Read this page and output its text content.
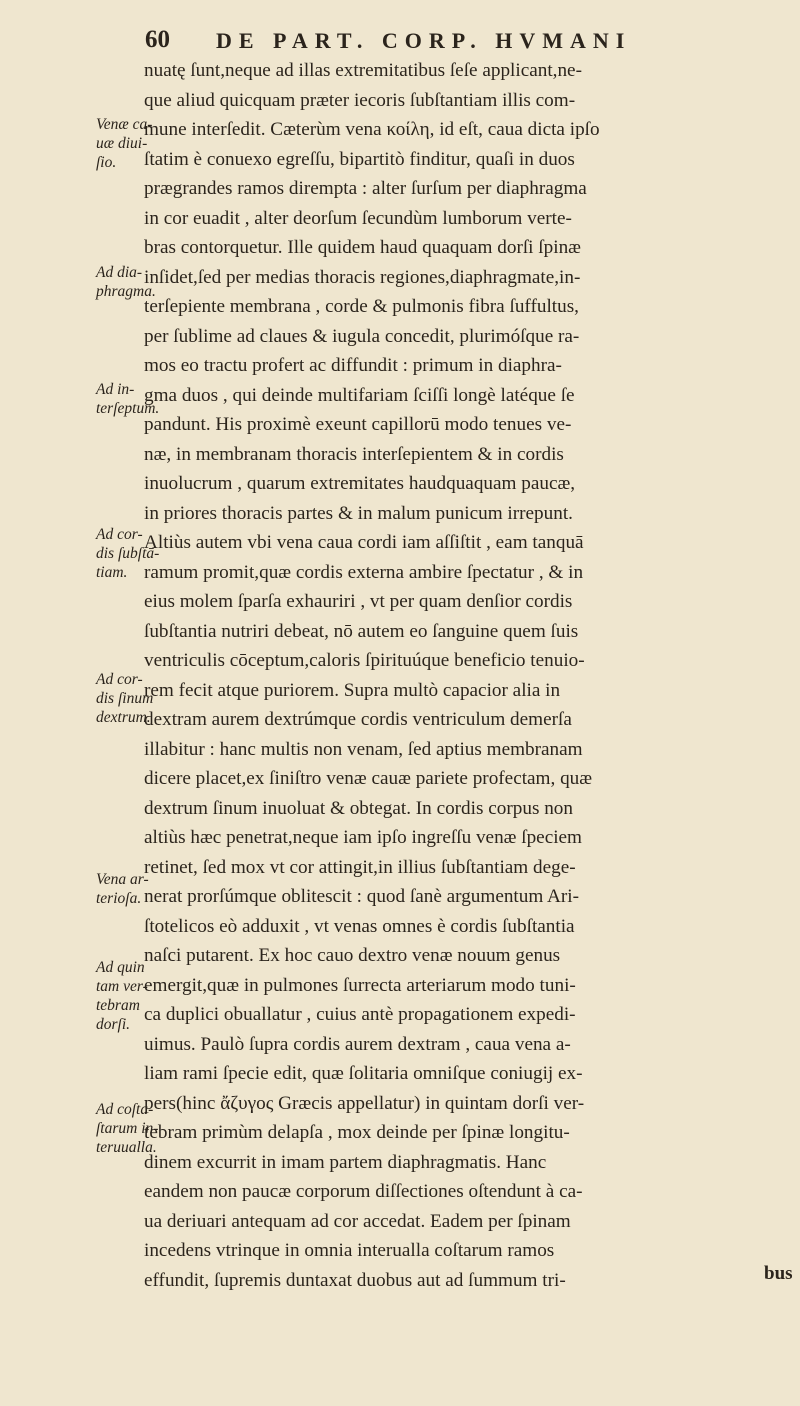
60 DE PART. CORP. HVMANI
nuatę ſunt,neque ad illas extremitatibus ſeſe applicant,ne-
que aliud quicquam præter iecoris ſubſtantiam illis com-
mune interſedit. Cæterùm vena κοίλη, id eſt, caua dicta ipſo
ſtatim è conuexo egreſſu, bipartitò finditur, quaſi in duos
prægrandes ramos dirempta : alter ſurſum per diaphragma
in cor euadit , alter deorſum ſecundùm lumborum verte-
bras contorquetur. Ille quidem haud quaquam dorſi ſpinæ
inſidet,ſed per medias thoracis regiones,diaphragmate,in-
terſepiente membrana , corde & pulmonis fibra ſuffultus,
per ſublime ad claues & iugula concedit, plurimóſque ra-
mos eo tractu profert ac diffundit : primum in diaphra-
gma duos , qui deinde multifariam ſciſſi longè latéque ſe
pandunt. His proximè exeunt capillorū modo tenues ve-
næ, in membranam thoracis interſepientem & in cordis
inuolucrum , quarum extremitates haudquaquam paucæ,
in priores thoracis partes & in malum punicum irrepunt.
Altiùs autem vbi vena caua cordi iam aſſiſtit , eam tanquā
ramum promit,quæ cordis externa ambire ſpectatur , & in
eius molem ſparſa exhauriri , vt per quam denſior cordis
ſubſtantia nutriri debeat, nō autem eo ſanguine quem ſuis
ventriculis cōceptum,caloris ſpirituúque beneficio tenuio-
rem fecit atque puriorem. Supra multò capacior alia in
dextram aurem dextrúmque cordis ventriculum demerſa
illabitur : hanc multis non venam, ſed aptius membranam
dicere placet,ex ſiniſtro venæ cauæ pariete profectam, quæ
dextrum ſinum inuoluat & obtegat. In cordis corpus non
altiùs hæc penetrat,neque iam ipſo ingreſſu venæ ſpeciem
retinet, ſed mox vt cor attingit,in illius ſubſtantiam dege-
nerat prorſúmque oblitescit : quod ſanè argumentum Ari-
ſtotelicos eò adduxit , vt venas omnes è cordis ſubſtantia
naſci putarent. Ex hoc cauo dextro venæ nouum genus
emergit,quæ in pulmones ſurrecta arteriarum modo tuni-
ca duplici obuallatur , cuius antè propagationem expedi-
uimus. Paulò ſupra cordis aurem dextram , caua vena a-
liam rami ſpecie edit, quæ ſolitaria omniſque coniugij ex-
pers(hinc ἄζυγος Græcis appellatur) in quintam dorſi ver-
tebram primùm delapſa , mox deinde per ſpinæ longitu-
dinem excurrit in imam partem diaphragmatis. Hanc
eandem non paucæ corporum diſſectiones oſtendunt à ca-
ua deriuari antequam ad cor accedat. Eadem per ſpinam
incedens vtrinque in omnia interualla coſtarum ramos
effundit, ſupremis duntaxat duobus aut ad ſummum tri-	bus
Venæ ca-
uæ diui-
ſio.
Ad dia-
phragma.
Ad in-
terſeptum.
Ad cor-
dis ſubſtā-
tiam.
Ad cor-
dis ſinum
dextrum.
Vena ar-
terioſa.
Ad quin
tam ver-
tebram
dorſi.
Ad coſta-
ſtarum in-
teruualla.
